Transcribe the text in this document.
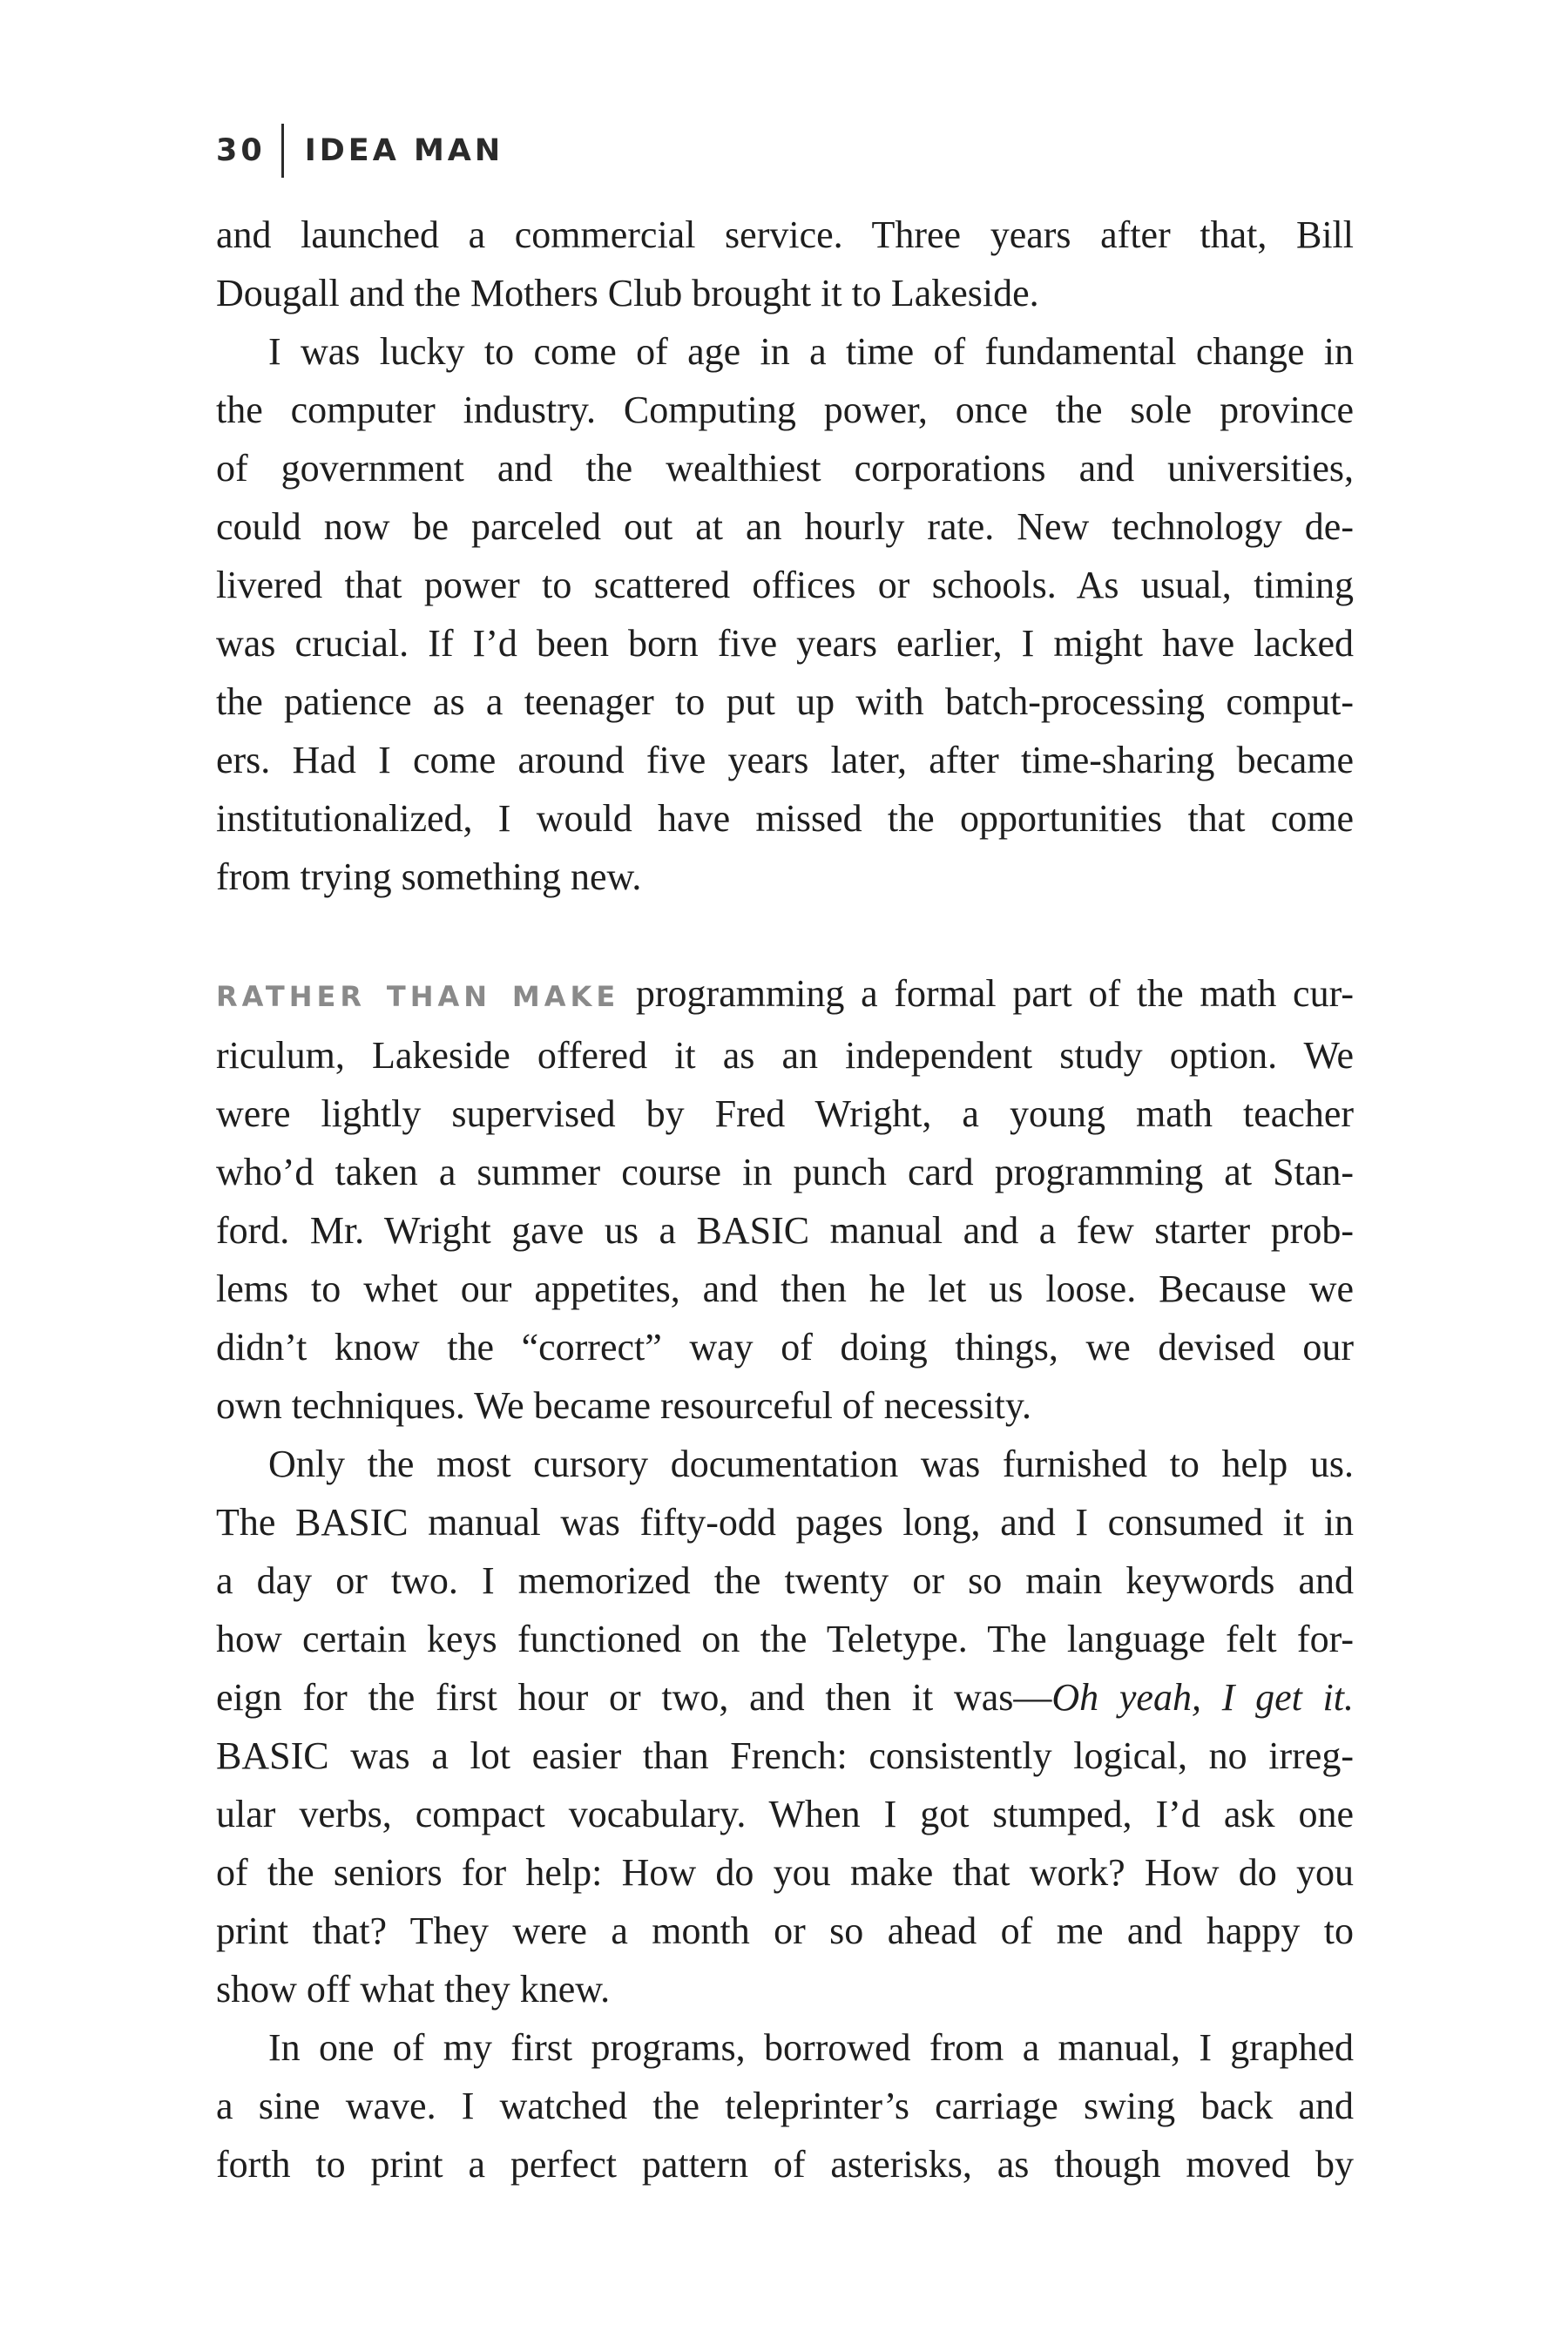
30 IDEA MAN

and launched a commercial service. Three years after that, Bill

Dougall and the Mothers Club brought it to Lakeside.

I was lucky to come of age in a time of fundamental change in

the computer industry. Computing power, once the sole province

of government and the wealthiest corporations and universities,

could now be parceled out at an hourly rate. New technology de-

livered that power to scattered offices or schools. As usual, timing

was crucial. If I’d been born five years earlier, I might have lacked

the patience as a teenager to put up with batch-processing comput-

ers. Had I come around five years later, after time-sharing became

institutionalized, I would have missed the opportunities that come

from trying something new.

RATHER THAN MAKE programming a formal part of the math cur-

riculum, Lakeside offered it as an independent study option. We

were lightly supervised by Fred Wright, a young math teacher

who’d taken a summer course in punch card programming at Stan-

ford. Mr. Wright gave us a BASIC manual and a few starter prob-

lems to whet our appetites, and then he let us loose. Because we

didn’t know the “correct” way of doing things, we devised our

own techniques. We became resourceful of necessity.

Only the most cursory documentation was furnished to help us.

The BASIC manual was fifty-odd pages long, and I consumed it in

a day or two. I memorized the twenty or so main keywords and

how certain keys functioned on the Teletype. The language felt for-

eign for the first hour or two, and then it was—Oh yeah, I get it.

BASIC was a lot easier than French: consistently logical, no irreg-

ular verbs, compact vocabulary. When I got stumped, I’d ask one

of the seniors for help: How do you make that work? How do you

print that? They were a month or so ahead of me and happy to

show off what they knew.

In one of my first programs, borrowed from a manual, I graphed

a sine wave. I watched the teleprinter’s carriage swing back and

forth to print a perfect pattern of asterisks, as though moved by
